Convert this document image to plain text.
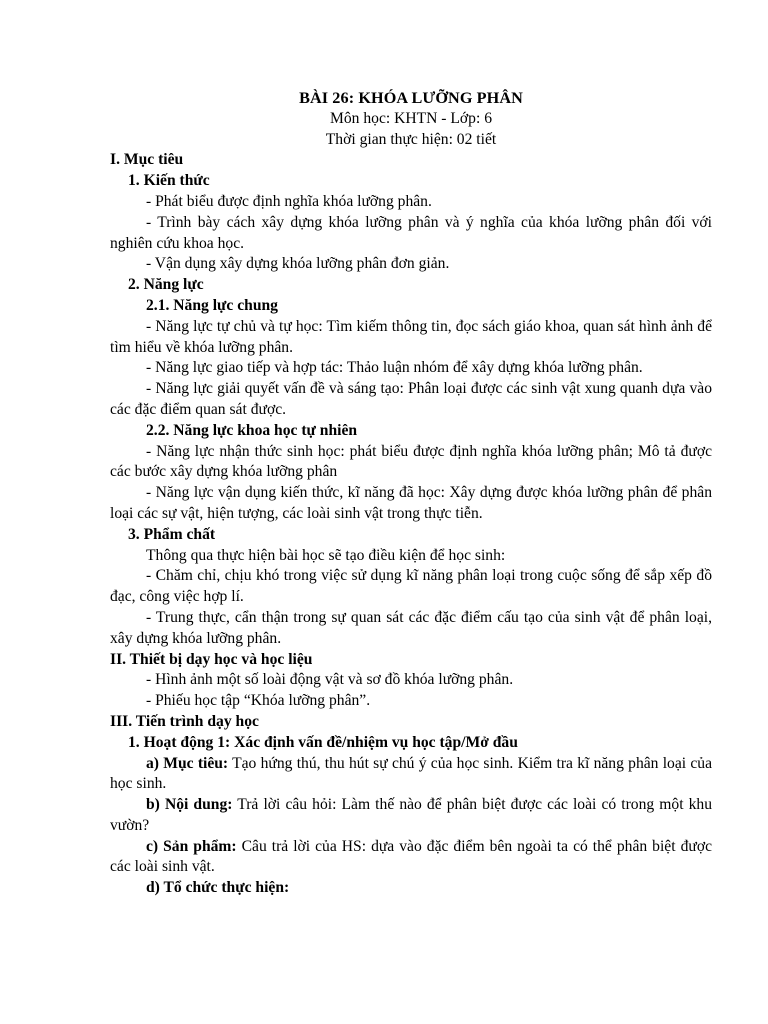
BÀI 26: KHÓA LƯỠNG PHÂN
Môn học: KHTN - Lớp: 6
Thời gian thực hiện: 02 tiết
I. Mục tiêu
1. Kiến thức
- Phát biểu được định nghĩa khóa lưỡng phân.
- Trình bày cách xây dựng khóa lưỡng phân và ý nghĩa của khóa lưỡng phân đối với nghiên cứu khoa học.
- Vận dụng xây dựng khóa lưỡng phân đơn giản.
2. Năng lực
2.1. Năng lực chung
- Năng lực tự chủ và tự học: Tìm kiếm thông tin, đọc sách giáo khoa, quan sát hình ảnh để tìm hiểu về khóa lưỡng phân.
- Năng lực giao tiếp và hợp tác: Thảo luận nhóm để xây dựng khóa lưỡng phân.
- Năng lực giải quyết vấn đề và sáng tạo: Phân loại được các sinh vật xung quanh dựa vào các đặc điểm quan sát được.
2.2. Năng lực khoa học tự nhiên
- Năng lực nhận thức sinh học: phát biểu được định nghĩa khóa lưỡng phân; Mô tả được các bước xây dựng khóa lưỡng phân
- Năng lực vận dụng kiến thức, kĩ năng đã học: Xây dựng được khóa lưỡng phân để phân loại các sự vật, hiện tượng, các loài sinh vật trong thực tiễn.
3. Phẩm chất
Thông qua thực hiện bài học sẽ tạo điều kiện để học sinh:
- Chăm chỉ, chịu khó trong việc sử dụng kĩ năng phân loại trong cuộc sống để sắp xếp đồ đạc, công việc hợp lí.
- Trung thực, cẩn thận trong sự quan sát các đặc điểm cấu tạo của sinh vật để phân loại, xây dựng khóa lưỡng phân.
II. Thiết bị dạy học và học liệu
- Hình ảnh một số loài động vật và sơ đồ khóa lưỡng phân.
- Phiếu học tập “Khóa lưỡng phân”.
III. Tiến trình dạy học
1. Hoạt động 1: Xác định vấn đề/nhiệm vụ học tập/Mở đầu
a) Mục tiêu: Tạo hứng thú, thu hút sự chú ý của học sinh. Kiểm tra kĩ năng phân loại của học sinh.
b) Nội dung: Trả lời câu hỏi: Làm thế nào để phân biệt được các loài có trong một khu vườn?
c) Sản phẩm: Câu trả lời của HS: dựa vào đặc điểm bên ngoài ta có thể phân biệt được các loài sinh vật.
d) Tổ chức thực hiện:
